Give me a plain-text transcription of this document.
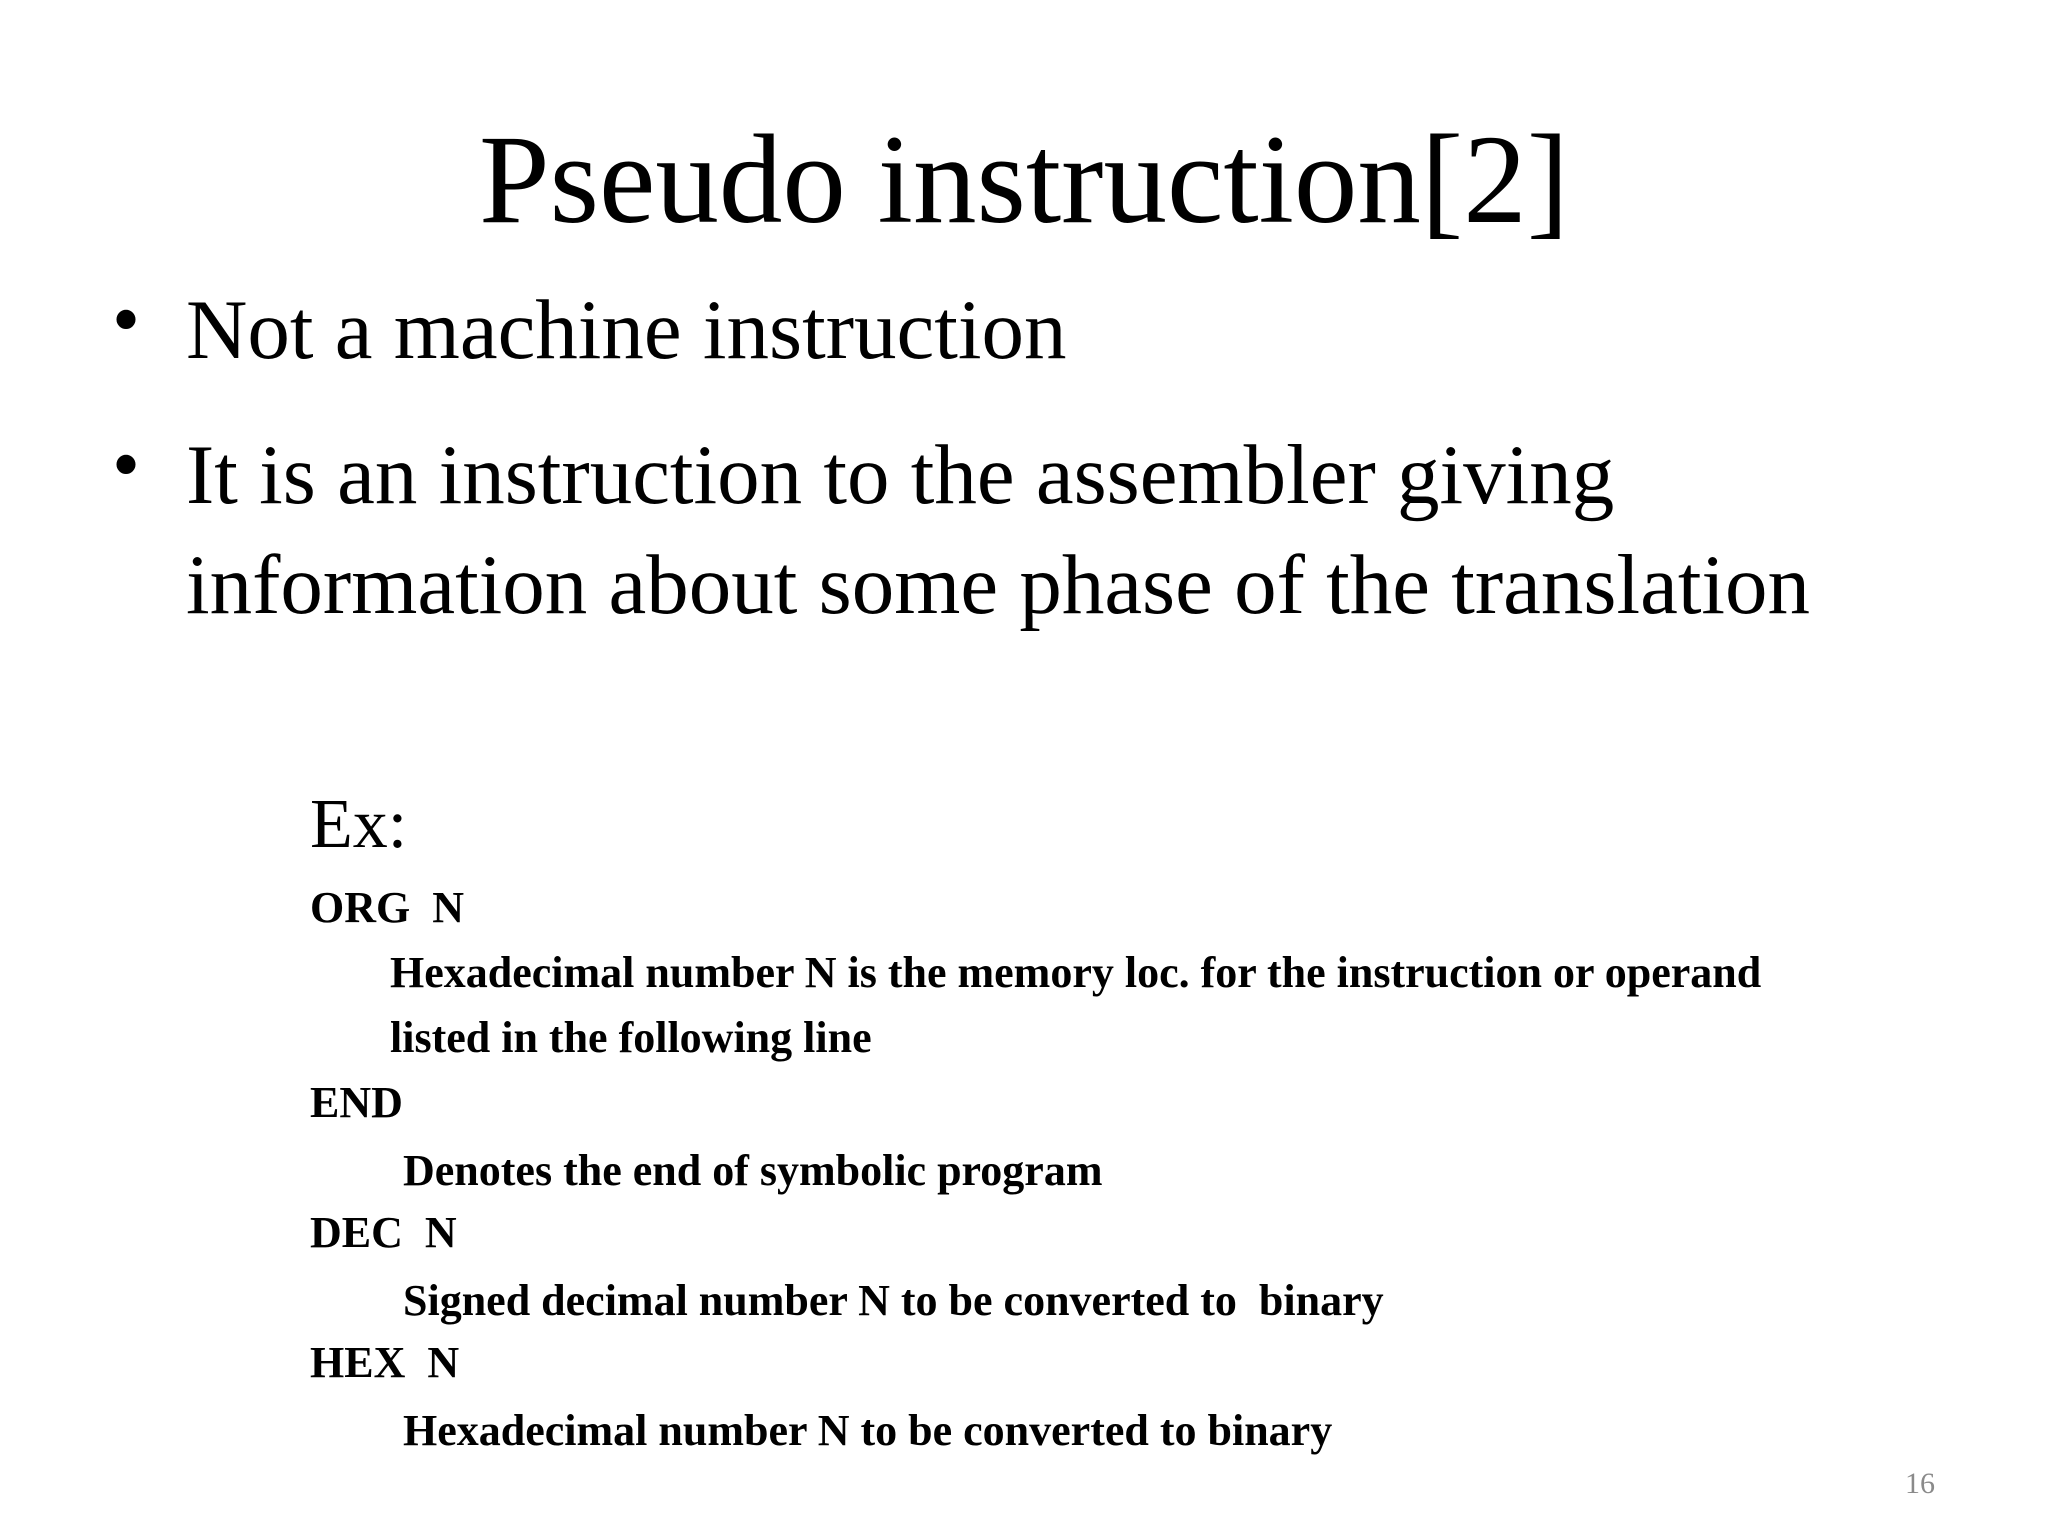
Pseudo instruction[2]
• Not a machine instruction
• It is an instruction to the assembler giving information about some phase of the translation
Ex:
ORG  N
Hexadecimal number N is the memory loc. for the instruction or operand listed in the following line
END
Denotes the end of symbolic program
DEC  N
Signed decimal number N to be converted to  binary
HEX  N
Hexadecimal number N to be converted to binary
16
